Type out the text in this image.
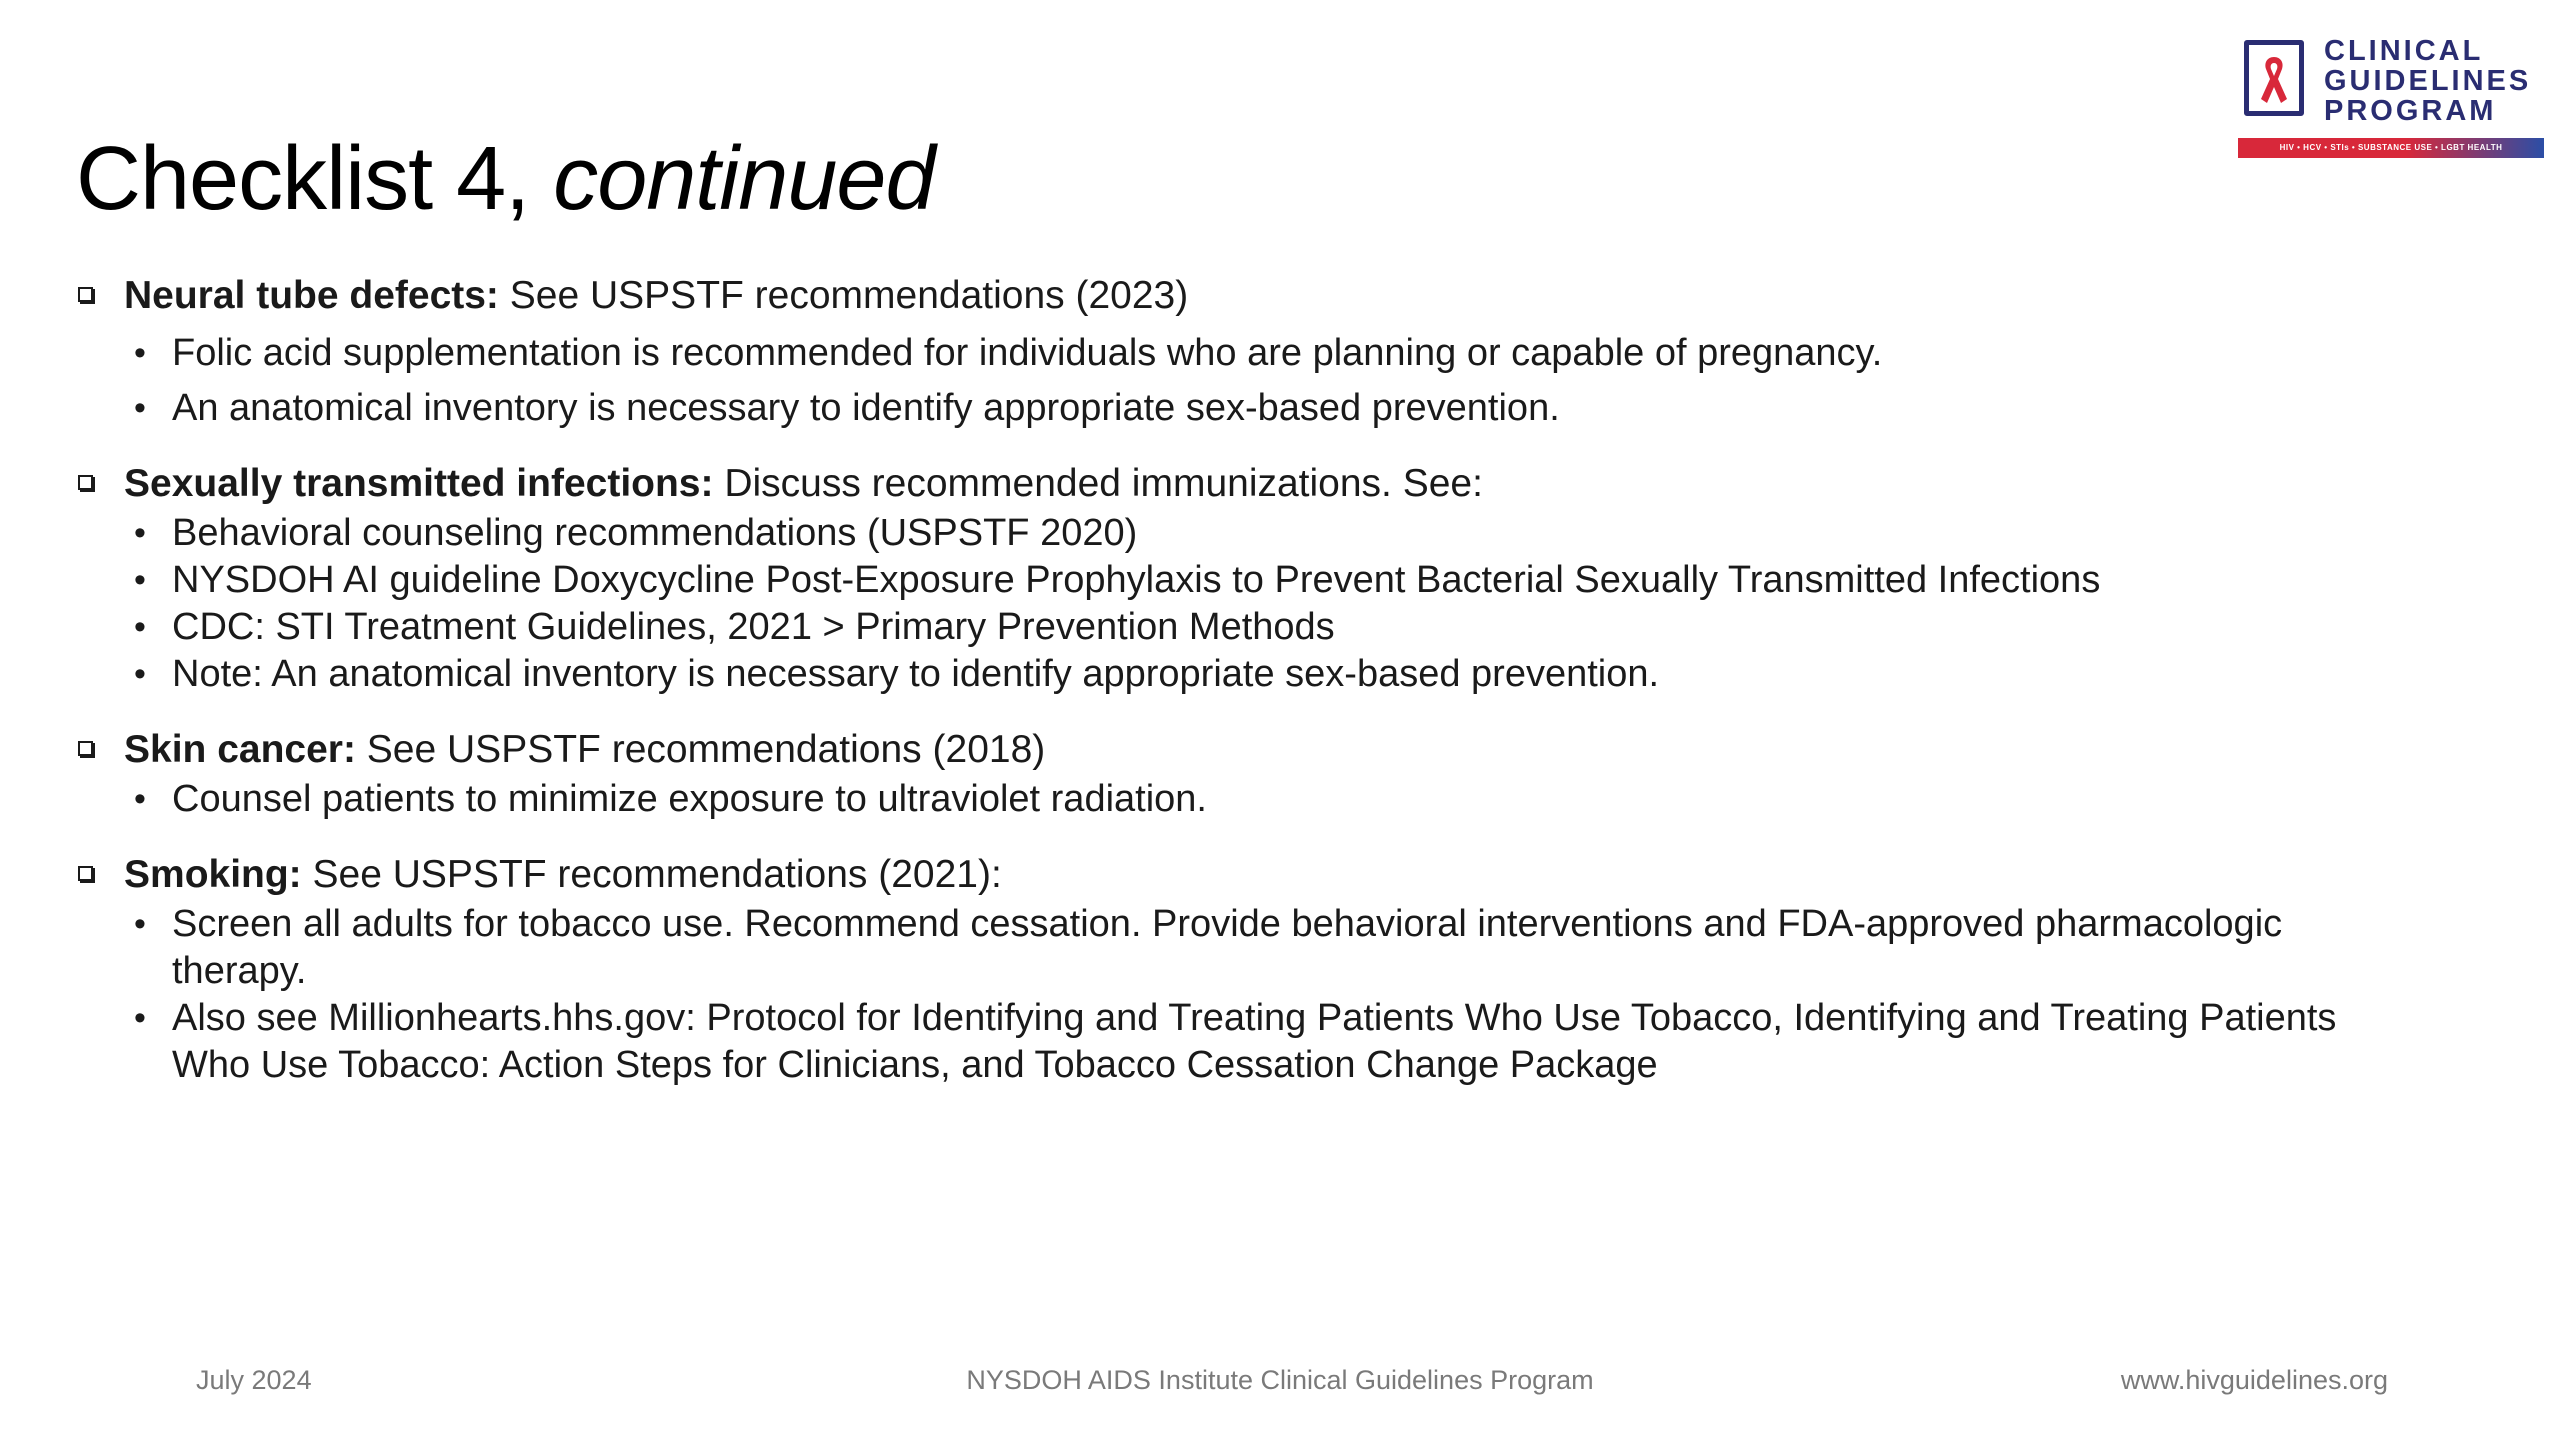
Checklist 4, continued
CLINICAL
GUIDELINES
PROGRAM
HIV • HCV • STIs • SUBSTANCE USE • LGBT HEALTH
Neural tube defects: See USPSTF recommendations (2023)
• Folic acid supplementation is recommended for individuals who are planning or capable of pregnancy.
• An anatomical inventory is necessary to identify appropriate sex-based prevention.
Sexually transmitted infections: Discuss recommended immunizations. See:
• Behavioral counseling recommendations (USPSTF 2020)
• NYSDOH AI guideline Doxycycline Post-Exposure Prophylaxis to Prevent Bacterial Sexually Transmitted Infections
• CDC: STI Treatment Guidelines, 2021 > Primary Prevention Methods
• Note: An anatomical inventory is necessary to identify appropriate sex-based prevention.
Skin cancer: See USPSTF recommendations (2018)
• Counsel patients to minimize exposure to ultraviolet radiation.
Smoking: See USPSTF recommendations (2021):
• Screen all adults for tobacco use. Recommend cessation. Provide behavioral interventions and FDA-approved pharmacologic therapy.
• Also see Millionhearts.hhs.gov: Protocol for Identifying and Treating Patients Who Use Tobacco, Identifying and Treating Patients Who Use Tobacco: Action Steps for Clinicians, and Tobacco Cessation Change Package
July 2024	NYSDOH AIDS Institute Clinical Guidelines Program	www.hivguidelines.org
